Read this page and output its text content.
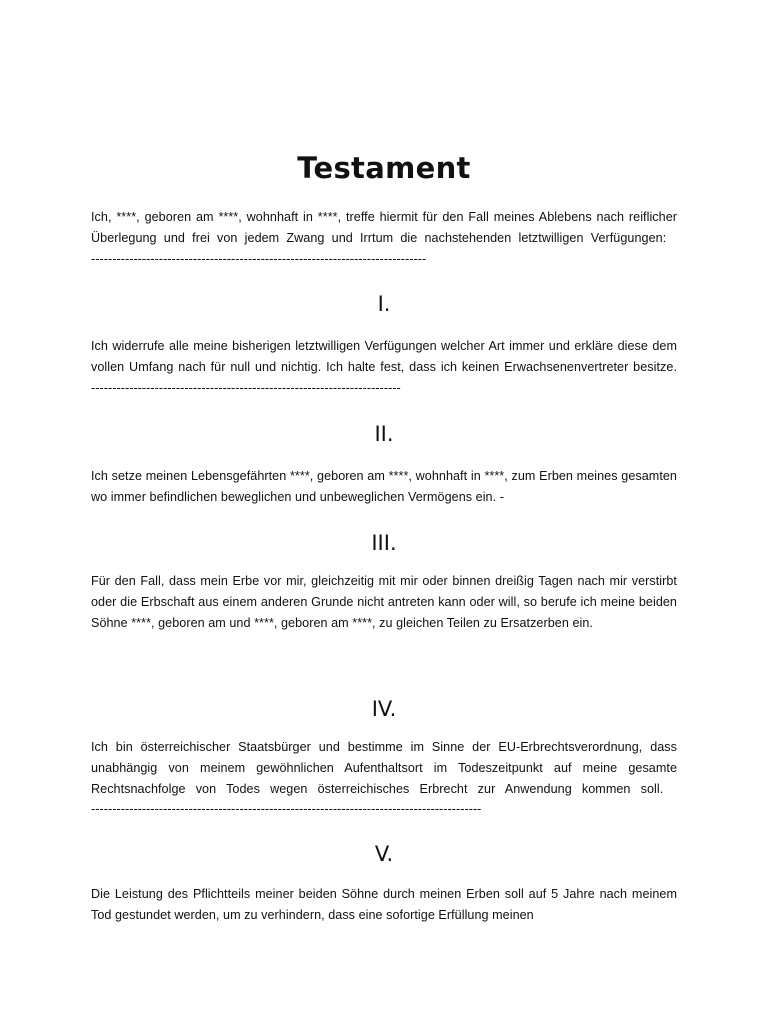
Testament

Ich, ****, geboren am ****, wohnhaft in ****, treffe hiermit für den Fall meines Ablebens nach reiflicher Überlegung und frei von jedem Zwang und Irrtum die nachstehenden letztwilligen Verfügungen:  -------------------------------------------------------------------------------

I.

Ich widerrufe alle meine bisherigen letztwilligen Verfügungen welcher Art immer und erkläre diese dem vollen Umfang nach für null und nichtig. Ich halte fest, dass ich keinen Erwachsenenvertreter besitze. -------------------------------------------------------------------------

II.

Ich setze meinen Lebensgefährten ****, geboren am ****, wohnhaft in ****, zum Erben meines gesamten wo immer befindlichen beweglichen und unbeweglichen Vermögens ein. -

III.

Für den Fall, dass mein Erbe vor mir, gleichzeitig mit mir oder binnen dreißig Tagen nach mir verstirbt oder die Erbschaft aus einem anderen Grunde nicht antreten kann oder will, so berufe ich meine beiden Söhne ****, geboren am und ****, geboren am ****, zu gleichen Teilen zu Ersatzerben ein.

IV.

Ich bin österreichischer Staatsbürger und bestimme im Sinne der EU-Erbrechtsverordnung, dass unabhängig von meinem gewöhnlichen Aufenthaltsort im Todeszeitpunkt auf meine gesamte Rechtsnachfolge von Todes wegen österreichisches Erbrecht zur Anwendung kommen soll.  --------------------------------------------------------------------------------------------

V.

Die Leistung des Pflichtteils meiner beiden Söhne durch meinen Erben soll auf 5 Jahre nach meinem Tod gestundet werden, um zu verhindern, dass eine sofortige Erfüllung meinen
